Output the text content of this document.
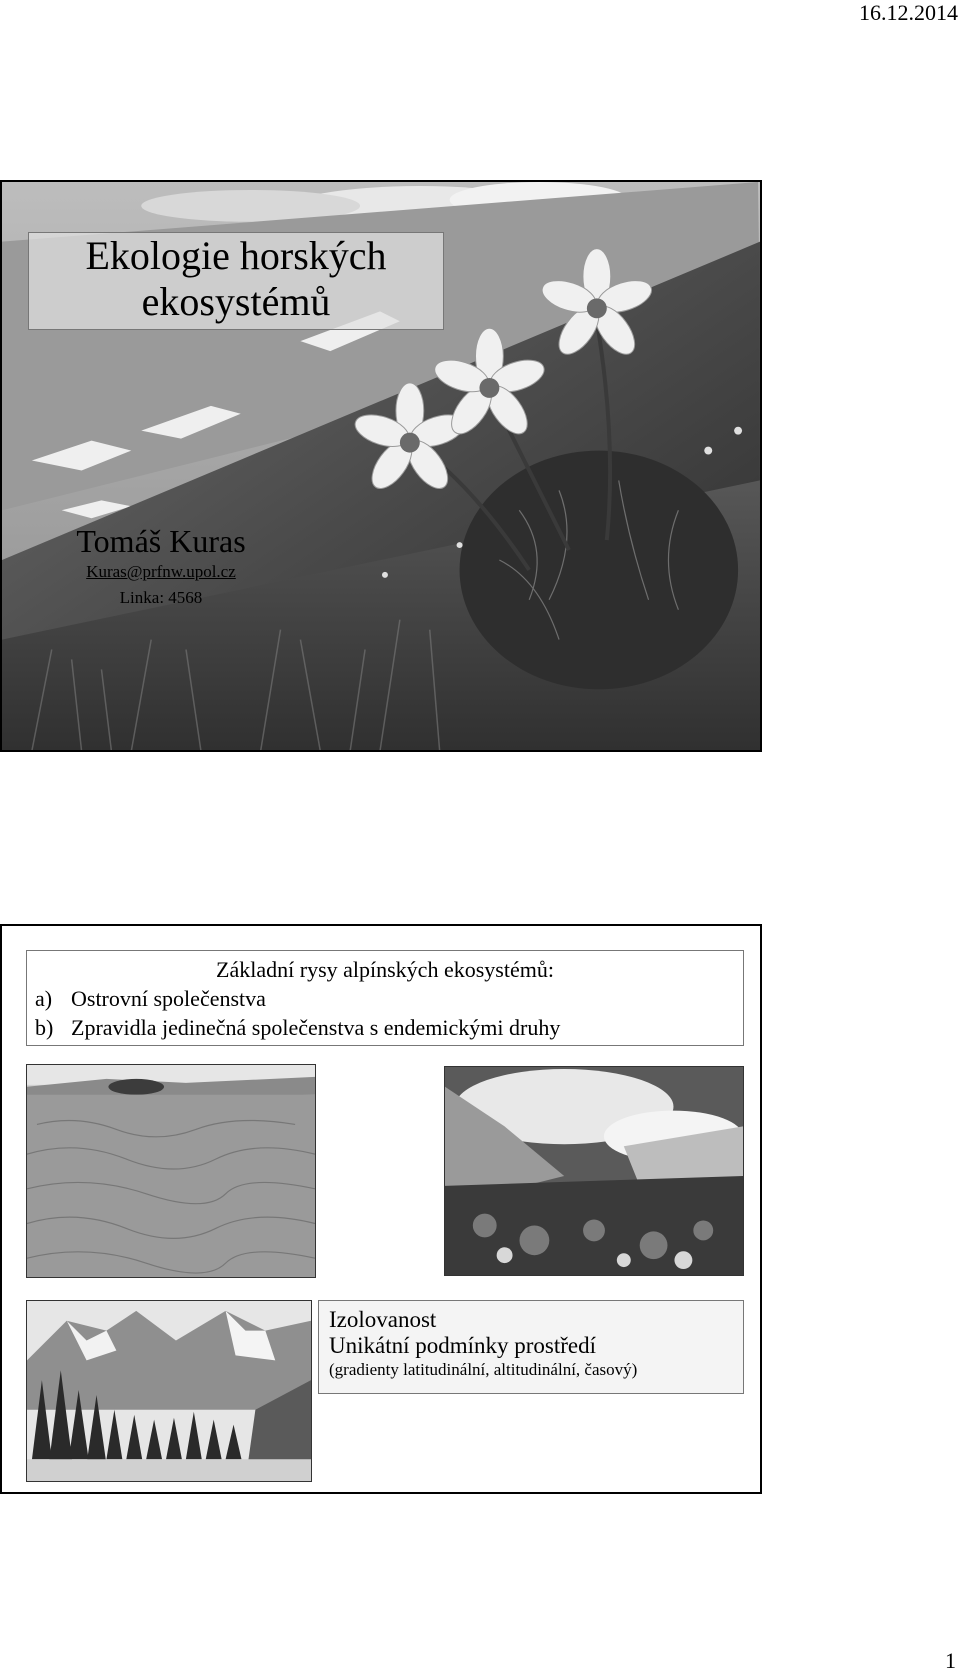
16.12.2014
Ekologie horských
ekosystémů
Tomáš Kuras
Kuras@prfnw.upol.cz
Linka: 4568
Základní rysy alpínských ekosystémů:
a) Ostrovní společenstva
b) Zpravidla jedinečná společenstva s endemickými druhy
Izolovanost
Unikátní podmínky prostředí
(gradienty latitudinální, altitudinální, časový)
1
